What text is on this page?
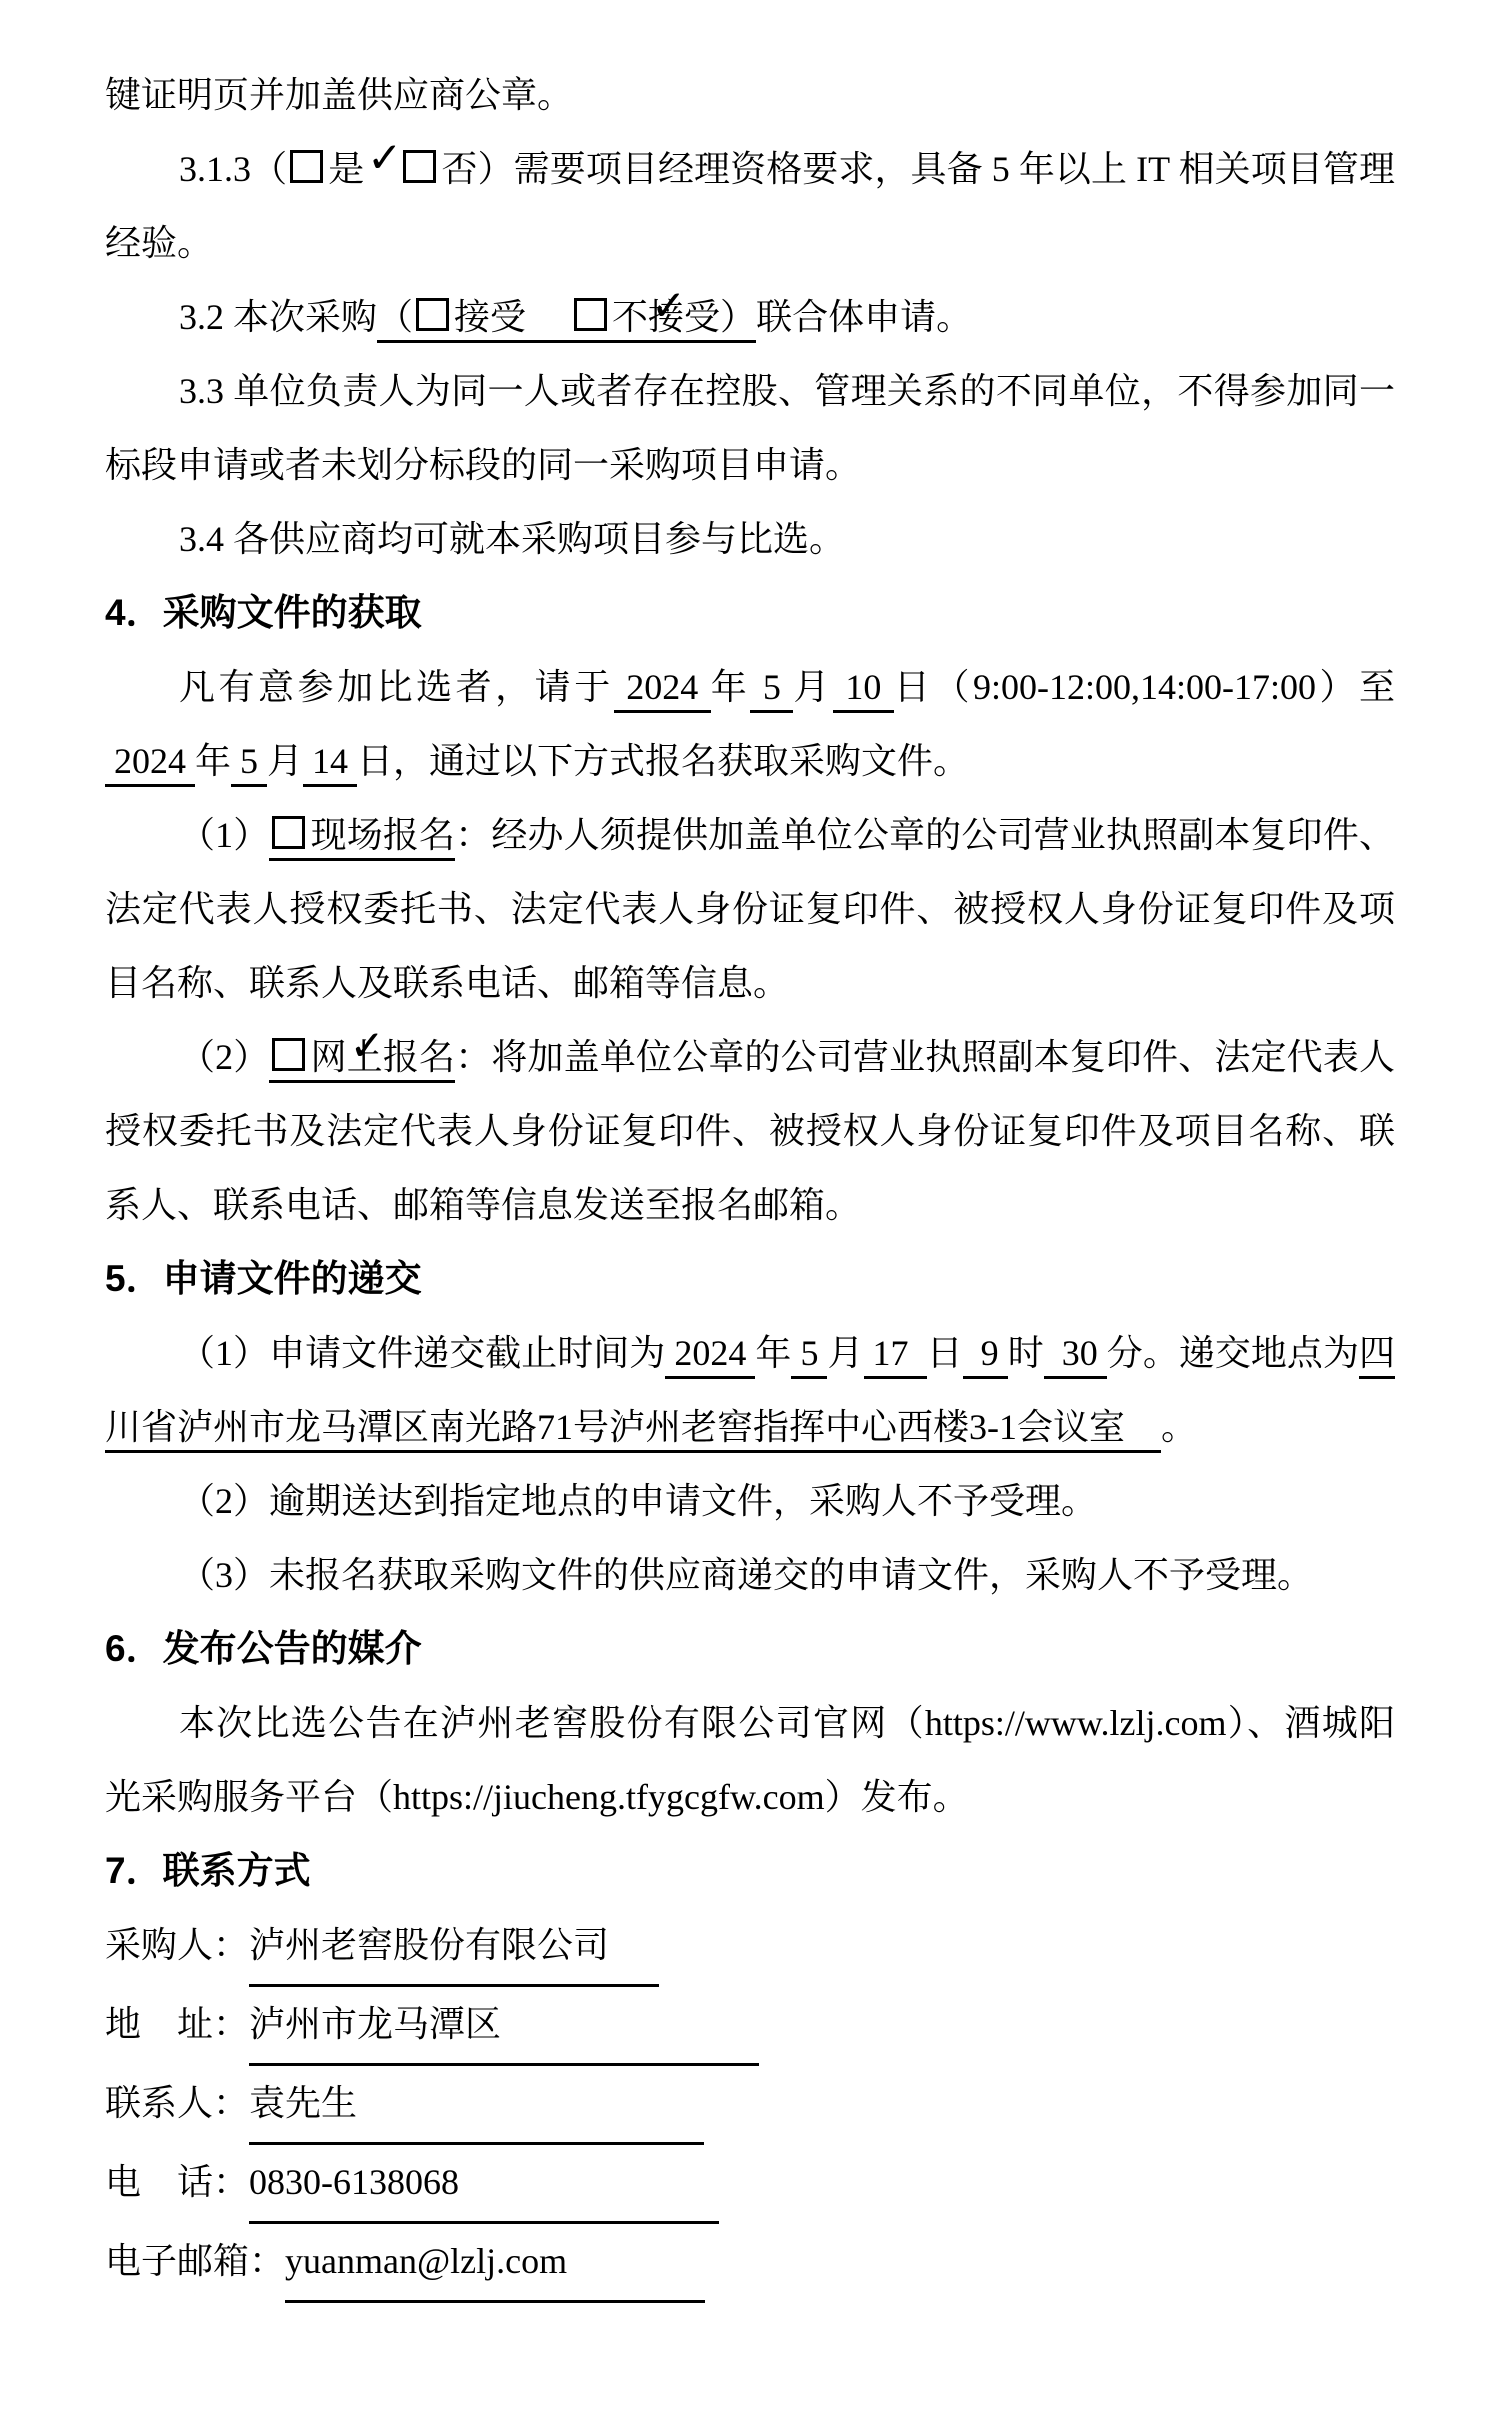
键证明页并加盖供应商公章。

3.1.3（ ✓ 是　否）需要项目经理资格要求，具备 5 年以上 IT 相关项目管理经验。

3.2 本次采购（ 接受　 ✓不接受）联合体申请。

3.3 单位负责人为同一人或者存在控股、管理关系的不同单位，不得参加同一标段申请或者未划分标段的同一采购项目申请。

3.4 各供应商均可就本采购项目参与比选。

4．采购文件的获取

凡有意参加比选者，请于 2024 年 5 月 10 日（9:00-12:00,14:00-17:00）至 2024 年 5 月 14 日，通过以下方式报名获取采购文件。

（1） 现场报名：经办人须提供加盖单位公章的公司营业执照副本复印件、法定代表人授权委托书、法定代表人身份证复印件、被授权人身份证复印件及项目名称、联系人及联系电话、邮箱等信息。

（2） ✓ 网上报名：将加盖单位公章的公司营业执照副本复印件、法定代表人授权委托书及法定代表人身份证复印件、被授权人身份证复印件及项目名称、联系人、联系电话、邮箱等信息发送至报名邮箱。

5．申请文件的递交

（1）申请文件递交截止时间为 2024 年 5 月 17  日  9 时  30 分。递交地点为四川省泸州市龙马潭区南光路71号泸州老窖指挥中心西楼3-1会议室　。

（2）逾期送达到指定地点的申请文件，采购人不予受理。

（3）未报名获取采购文件的供应商递交的申请文件，采购人不予受理。

6．发布公告的媒介

本次比选公告在泸州老窖股份有限公司官网（https://www.lzlj.com）、酒城阳光采购服务平台（https://jiucheng.tfygcgfw.com）发布。

7．联系方式

采购人：泸州老窖股份有限公司

地　址：泸州市龙马潭区

联系人：袁先生

电　话：0830-6138068

电子邮箱：yuanman@lzlj.com
